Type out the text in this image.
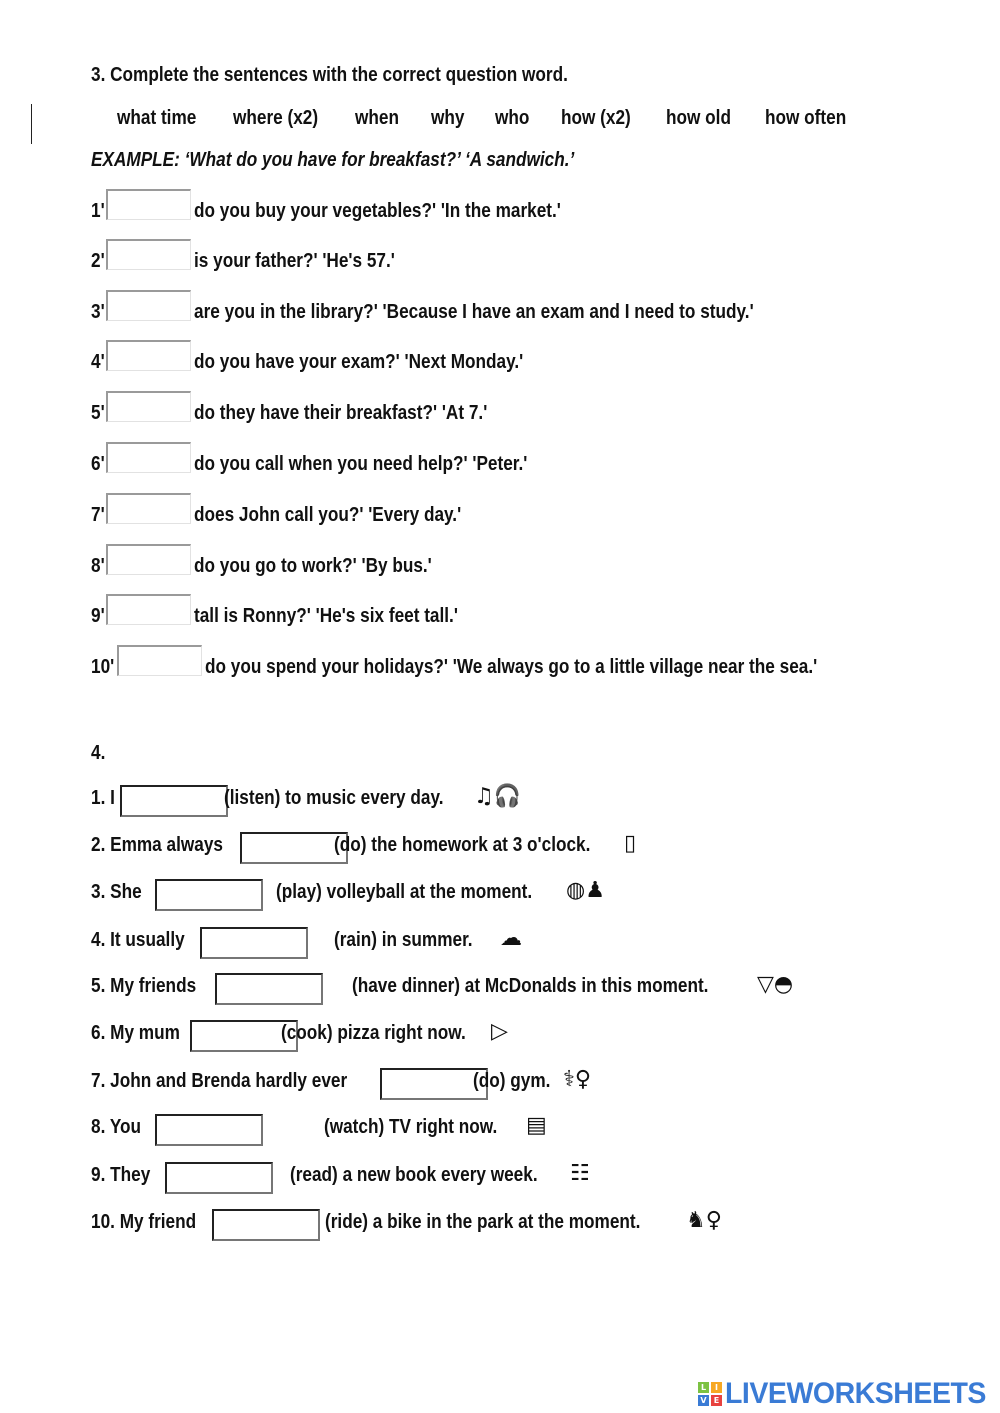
3. Complete the sentences with the correct question word.
what time where (x2) when why who how (x2) how old how often
EXAMPLE: ‘What do you have for breakfast?’ ‘A sandwich.’
1'	do you buy your vegetables?' 'In the market.'
2'	is your father?' 'He's 57.'
3'	are you in the library?' 'Because I have an exam and I need to study.'
4'	do you have your exam?' 'Next Monday.'
5'	do they have their breakfast?' 'At 7.'
6'	do you call when you need help?' 'Peter.'
7'	does John call you?' 'Every day.'
8'	do you go to work?' 'By bus.'
9'	tall is Ronny?' 'He's six feet tall.'
10'	do you spend your holidays?' 'We always go to a little village near the sea.'
4.
1. I	(listen) to music every day. ♫🎧
2. Emma always	(do) the homework at 3 o'clock. ▯
3. She	(play) volleyball at the moment. ◍♟
4. It usually	(rain) in summer. ☁
5. My friends	(have dinner) at McDonalds in this moment. ▽◓
6. My mum	(cook) pizza right now. ▷
7. John and Brenda hardly ever	(do) gym. ⚕♀
8. You	(watch) TV right now. ▤
9. They	(read) a new book every week. ☷
10. My friend	(ride) a bike in the park at the moment. ♞♀
L	I
V E LIVEWORKSHEETS
